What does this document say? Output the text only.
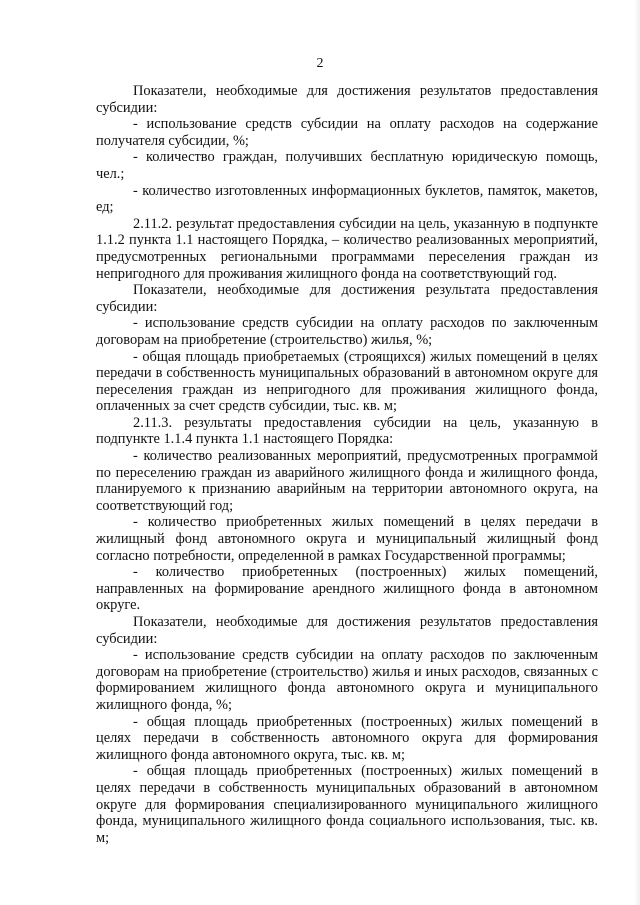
2

Показатели, необходимые для достижения результатов предоставления субсидии:

- использование средств субсидии на оплату расходов на содержание получателя субсидии, %;

- количество граждан, получивших бесплатную юридическую помощь, чел.;

- количество изготовленных информационных буклетов, памяток, макетов, ед;

2.11.2. результат предоставления субсидии на цель, указанную в подпункте 1.1.2 пункта 1.1 настоящего Порядка, – количество реализованных мероприятий, предусмотренных региональными программами переселения граждан из непригодного для проживания жилищного фонда на соответствующий год.

Показатели, необходимые для достижения результата предоставления субсидии:

- использование средств субсидии на оплату расходов по заключенным договорам на приобретение (строительство) жилья, %;

- общая площадь приобретаемых (строящихся) жилых помещений в целях передачи в собственность муниципальных образований в автономном округе для переселения граждан из непригодного для проживания жилищного фонда, оплаченных за счет средств субсидии, тыс. кв. м;

2.11.3. результаты предоставления субсидии на цель, указанную в подпункте 1.1.4 пункта 1.1 настоящего Порядка:

- количество реализованных мероприятий, предусмотренных программой по переселению граждан из аварийного жилищного фонда и жилищного фонда, планируемого к признанию аварийным на территории автономного округа, на соответствующий год;

- количество приобретенных жилых помещений в целях передачи в жилищный фонд автономного округа и муниципальный жилищный фонд согласно потребности, определенной в рамках Государственной программы;

- количество приобретенных (построенных) жилых помещений, направленных на формирование арендного жилищного фонда в автономном округе.

Показатели, необходимые для достижения результатов предоставления субсидии:

- использование средств субсидии на оплату расходов по заключенным договорам на приобретение (строительство) жилья и иных расходов, связанных с формированием жилищного фонда автономного округа и муниципального жилищного фонда, %;

- общая площадь приобретенных (построенных) жилых помещений в целях передачи в собственность автономного округа для формирования жилищного фонда автономного округа, тыс. кв. м;

- общая площадь приобретенных (построенных) жилых помещений в целях передачи в собственность муниципальных образований в автономном округе для формирования специализированного муниципального жилищного фонда, муниципального жилищного фонда социального использования, тыс. кв. м;
